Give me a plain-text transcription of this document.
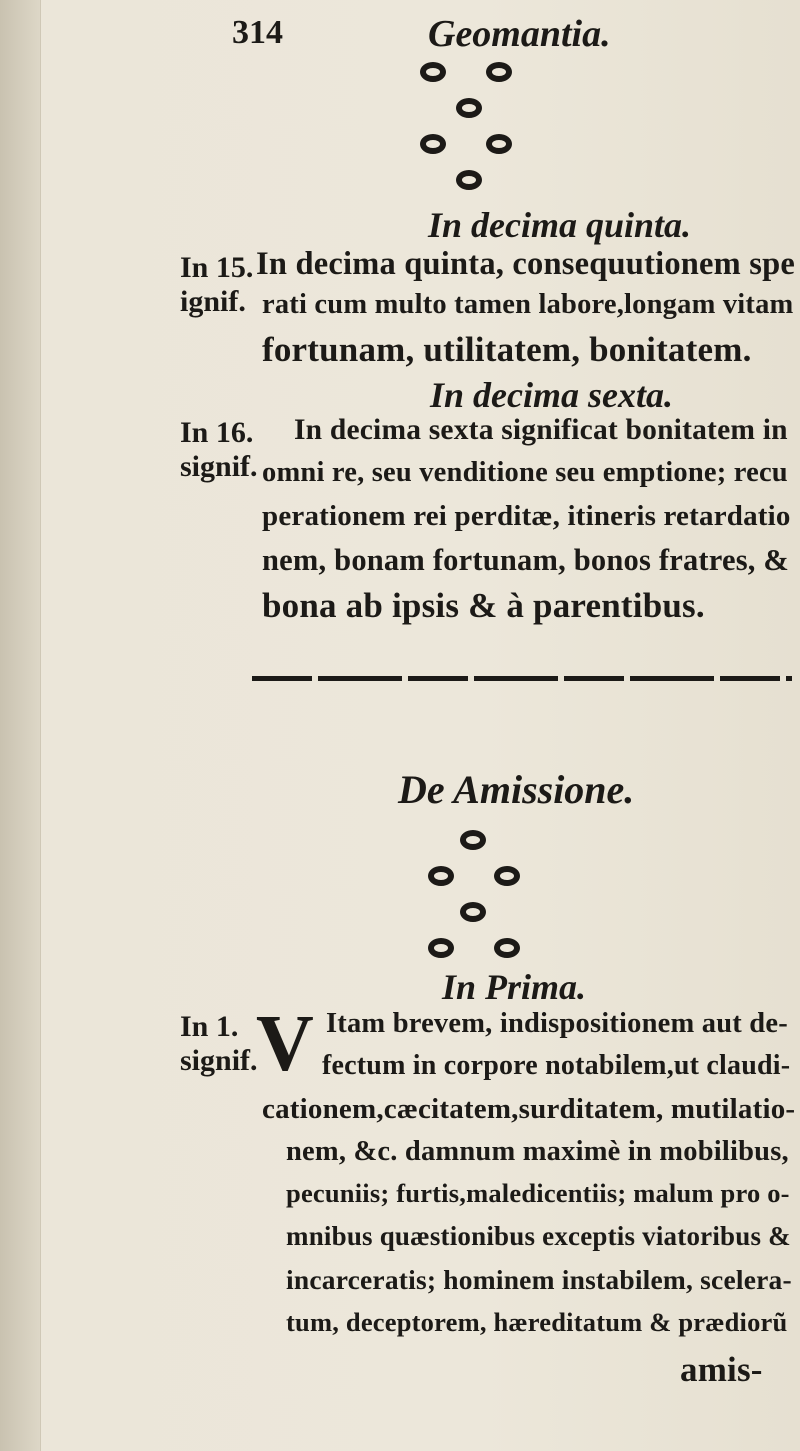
314	Geomantia.
In decima quinta.
In 15.
ignif.
In decima quinta, consequutionem spe
rati cum multo tamen labore,longam vitam
fortunam, utilitatem, bonitatem.
In decima sexta.
In 16.
signif.
In decima sexta significat bonitatem in
omni re, seu venditione seu emptione; recu
perationem rei perditæ, itineris retardatio
nem, bonam fortunam, bonos fratres, &
bona ab ipsis & à parentibus.
De Amissione.
In Prima.
In 1.
signif.
V Itam brevem, indispositionem aut de-
fectum in corpore notabilem,ut claudi-
cationem,cæcitatem,surditatem, mutilatio-
nem, &c. damnum maximè in mobilibus,
pecuniis; furtis,maledicentiis; malum pro o-
mnibus quæstionibus exceptis viatoribus &
incarceratis; hominem instabilem, scelera-
tum, deceptorem, hæreditatum & prædiorũ
amis-
